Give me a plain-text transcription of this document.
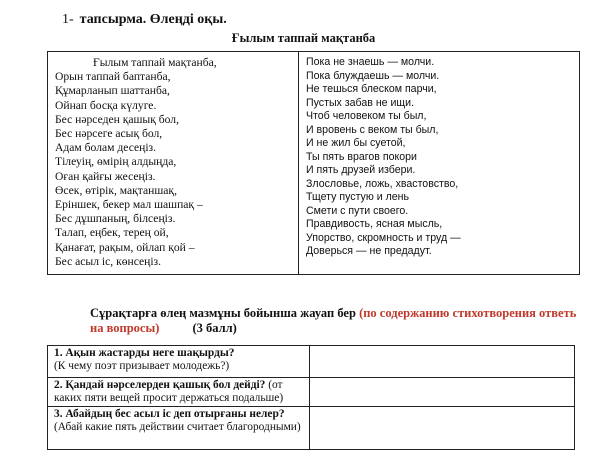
1- тапсырма. Өлеңді оқы.
Ғылым таппай мақтанба
Ғылым таппай мақтанба,
Орын таппай баптанба,
Құмарланып шаттанба,
Ойнап босқа күлуге.
Бес нәрседен қашық бол,
Бес нәрсеге асық бол,
Адам болам десеңіз.
Тілеуің, өмірің алдыңда,
Оған қайғы жесеңіз.
Өсек, өтірік, мақтаншақ,
Еріншек, бекер мал шашпақ –
Бес дұшпаның, білсеңіз.
Талап, еңбек, терең ой,
Қанағат, рақым, ойлап қой –
Бес асыл іс, көнсеңіз.
Пока не знаешь — молчи.
Пока блуждаешь — молчи.
Не тешься блеском парчи,
Пустых забав не ищи.
Чтоб человеком ты был,
И вровень с веком ты был,
И не жил бы суетой,
Ты пять врагов покори
И пять друзей избери.
Злословье, ложь, хвастовство,
Тщету пустую и лень
Смети с пути своего.
Правдивость, ясная мысль,
Упорство, скромность и труд —
Доверься — не предадут.
Сұрақтарға өлең мазмұны бойынша жауап бер (по содержанию стихотворения ответь на вопросы)	(3 балл)
1. Ақын жастарды неге шақырды?
(К чему поэт призывает молодежь?)	
2. Қандай нәрселерден қашық бол дейді? (от каких пяти вещей просит держаться подальше)	
3. Абайдың бес асыл іс деп отырғаны нелер?
(Абай какие пять действии считает благородными)	
